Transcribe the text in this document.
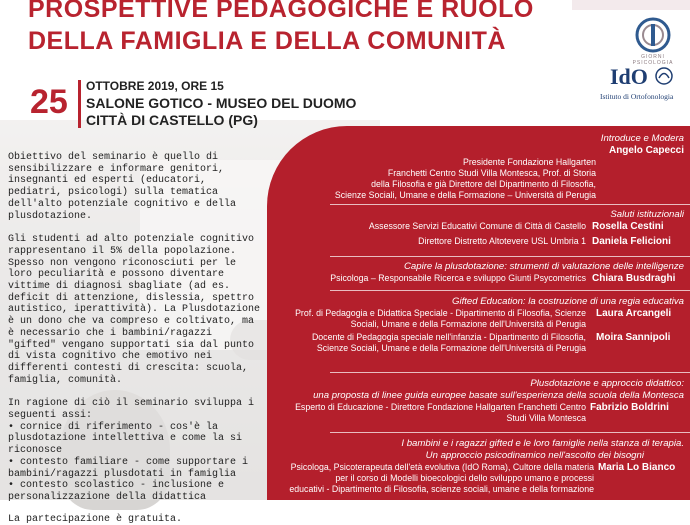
PROSPETTIVE PEDAGOGICHE E RUOLO
DELLA FAMIGLIA E DELLA COMUNITÀ
25 OTTOBRE 2019, ORE 15
SALONE GOTICO - MUSEO DEL DUOMO
CITTÀ DI CASTELLO (PG)
GIORNI PSICOLOGIA
IdO
Istituto di Ortofonologia

Obiettivo del seminario è quello di sensibilizzare e informare genitori, insegnanti ed esperti (educatori, pediatri, psicologi) sulla tematica dell'alto potenziale cognitivo e della plusdotazione.

Gli studenti ad alto potenziale cognitivo rappresentano il 5% della popolazione. Spesso non vengono riconosciuti per le loro peculiarità e possono diventare vittime di diagnosi sbagliate (ad es. deficit di attenzione, dislessia, spettro autistico, iperattività). La Plusdotazione è un dono che va compreso e coltivato, ma è necessario che i bambini/ragazzi "gifted" vengano supportati sia dal punto di vista cognitivo che emotivo nei differenti contesti di crescita: scuola, famiglia, comunità.

In ragione di ciò il seminario sviluppa i seguenti assi:

• cornice di riferimento - cos'è la plusdotazione intellettiva e come la si riconosce
• contesto familiare - come supportare i bambini/ragazzi plusdotati in famiglia
• contesto scolastico - inclusione e personalizzazione della didattica
La partecipazione è gratuita.
Introduce e Modera
Angelo Capecci
Presidente Fondazione Hallgarten
Franchetti Centro Studi Villa Montesca, Prof. di Storia
della Filosofia e già Direttore del Dipartimento di Filosofia,
Scienze Sociali, Umane e della Formazione – Università di Perugia
Saluti istituzionali
Assessore Servizi Educativi Comune di Città di Castello Rosella Cestini
Direttore Distretto Altotevere USL Umbria 1 Daniela Felicioni
Capire la plusdotazione: strumenti di valutazione delle intelligenze
Psicologa – Responsabile Ricerca e sviluppo Giunti Psycometrics Chiara Busdraghi
Gifted Education: la costruzione di una regia educativa
Prof. di Pedagogia e Didattica Speciale - Dipartimento di Filosofia, Scienze
Sociali, Umane e della Formazione dell'Università di Perugia
Laura Arcangeli
Docente di Pedagogia speciale nell'infanzia - Dipartimento di Filosofia,
Scienze Sociali, Umane e della Formazione dell'Università di Perugia
Moira Sannipoli
Plusdotazione e approccio didattico:
una proposta di linee guida europee basate sull'esperienza della scuola della Montesca
Esperto di Educazione - Direttore Fondazione Hallgarten Franchetti Centro
Studi Villa Montesca
Fabrizio Boldrini
I bambini e i ragazzi gifted e le loro famiglie nella stanza di terapia.
Un approccio psicodinamico nell'ascolto dei bisogni
Psicologa, Psicoterapeuta dell'età evolutiva (IdO Roma), Cultore della materia
per il corso di Modelli bioecologici dello sviluppo umano e processi
educativi - Dipartimento di Filosofia, scienze sociali, umane e della formazione
Maria Lo Bianco
